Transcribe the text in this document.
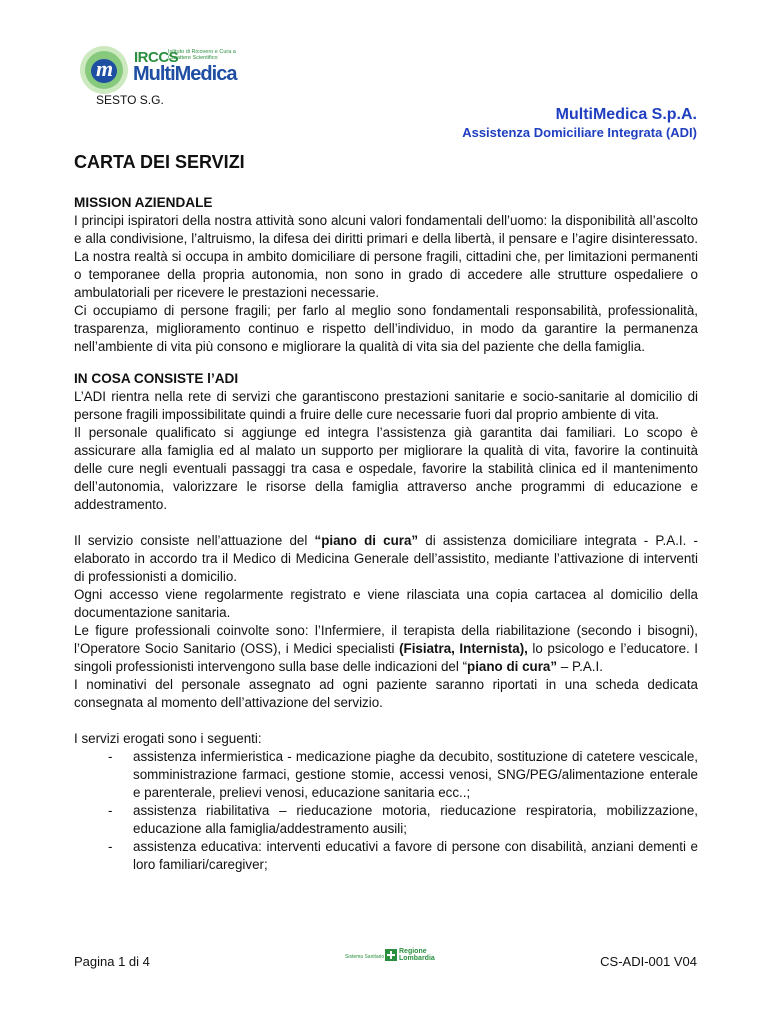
m IRCCS
Istituto di Ricovero e Cura a Carattere Scientifico
MultiMedica
SESTO S.G.
MultiMedica S.p.A.
Assistenza Domiciliare Integrata (ADI)
CARTA DEI SERVIZI
MISSION AZIENDALE

I principi ispiratori della nostra attività sono alcuni valori fondamentali dell’uomo: la disponibilità all’ascolto e alla condivisione, l’altruismo, la difesa dei diritti primari e della libertà, il pensare e l’agire disinteressato. La nostra realtà si occupa in ambito domiciliare di persone fragili, cittadini che, per limitazioni permanenti o temporanee della propria autonomia, non sono in grado di accedere alle strutture ospedaliere o ambulatoriali per ricevere le prestazioni necessarie.

Ci occupiamo di persone fragili; per farlo al meglio sono fondamentali responsabilità, professionalità, trasparenza, miglioramento continuo e rispetto dell’individuo, in modo da garantire la permanenza nell’ambiente di vita più consono e migliorare la qualità di vita sia del paziente che della famiglia.

IN COSA CONSISTE l’ADI

L’ADI rientra nella rete di servizi che garantiscono prestazioni sanitarie e socio-sanitarie al domicilio di persone fragili impossibilitate quindi a fruire delle cure necessarie fuori dal proprio ambiente di vita.

Il personale qualificato si aggiunge ed integra l’assistenza già garantita dai familiari. Lo scopo è assicurare alla famiglia ed al malato un supporto per migliorare la qualità di vita, favorire la continuità delle cure negli eventuali passaggi tra casa e ospedale, favorire la stabilità clinica ed il mantenimento dell’autonomia, valorizzare le risorse della famiglia attraverso anche programmi di educazione e addestramento.

Il servizio consiste nell’attuazione del “piano di cura” di assistenza domiciliare integrata - P.A.I. - elaborato in accordo tra il Medico di Medicina Generale dell’assistito, mediante l’attivazione di interventi di professionisti a domicilio.

Ogni accesso viene regolarmente registrato e viene rilasciata una copia cartacea al domicilio della documentazione sanitaria.

Le figure professionali coinvolte sono: l’Infermiere, il terapista della riabilitazione (secondo i bisogni), l’Operatore Socio Sanitario (OSS), i Medici specialisti (Fisiatra, Internista), lo psicologo e l’educatore. I singoli professionisti intervengono sulla base delle indicazioni del “piano di cura” – P.A.I.

I nominativi del personale assegnato ad ogni paziente saranno riportati in una scheda dedicata consegnata al momento dell’attivazione del servizio.

I servizi erogati sono i seguenti:

- assistenza infermieristica - medicazione piaghe da decubito, sostituzione di catetere vescicale, somministrazione farmaci, gestione stomie, accessi venosi, SNG/PEG/alimentazione enterale e parenterale, prelievi venosi, educazione sanitaria ecc..;
- assistenza riabilitativa – rieducazione motoria, rieducazione respiratoria, mobilizzazione, educazione alla famiglia/addestramento ausili;
- assistenza educativa: interventi educativi a favore di persone con disabilità, anziani dementi e loro familiari/caregiver;
Pagina 1 di 4	Sistema Sanitario
Regione
Lombardia	CS-ADI-001 V04
